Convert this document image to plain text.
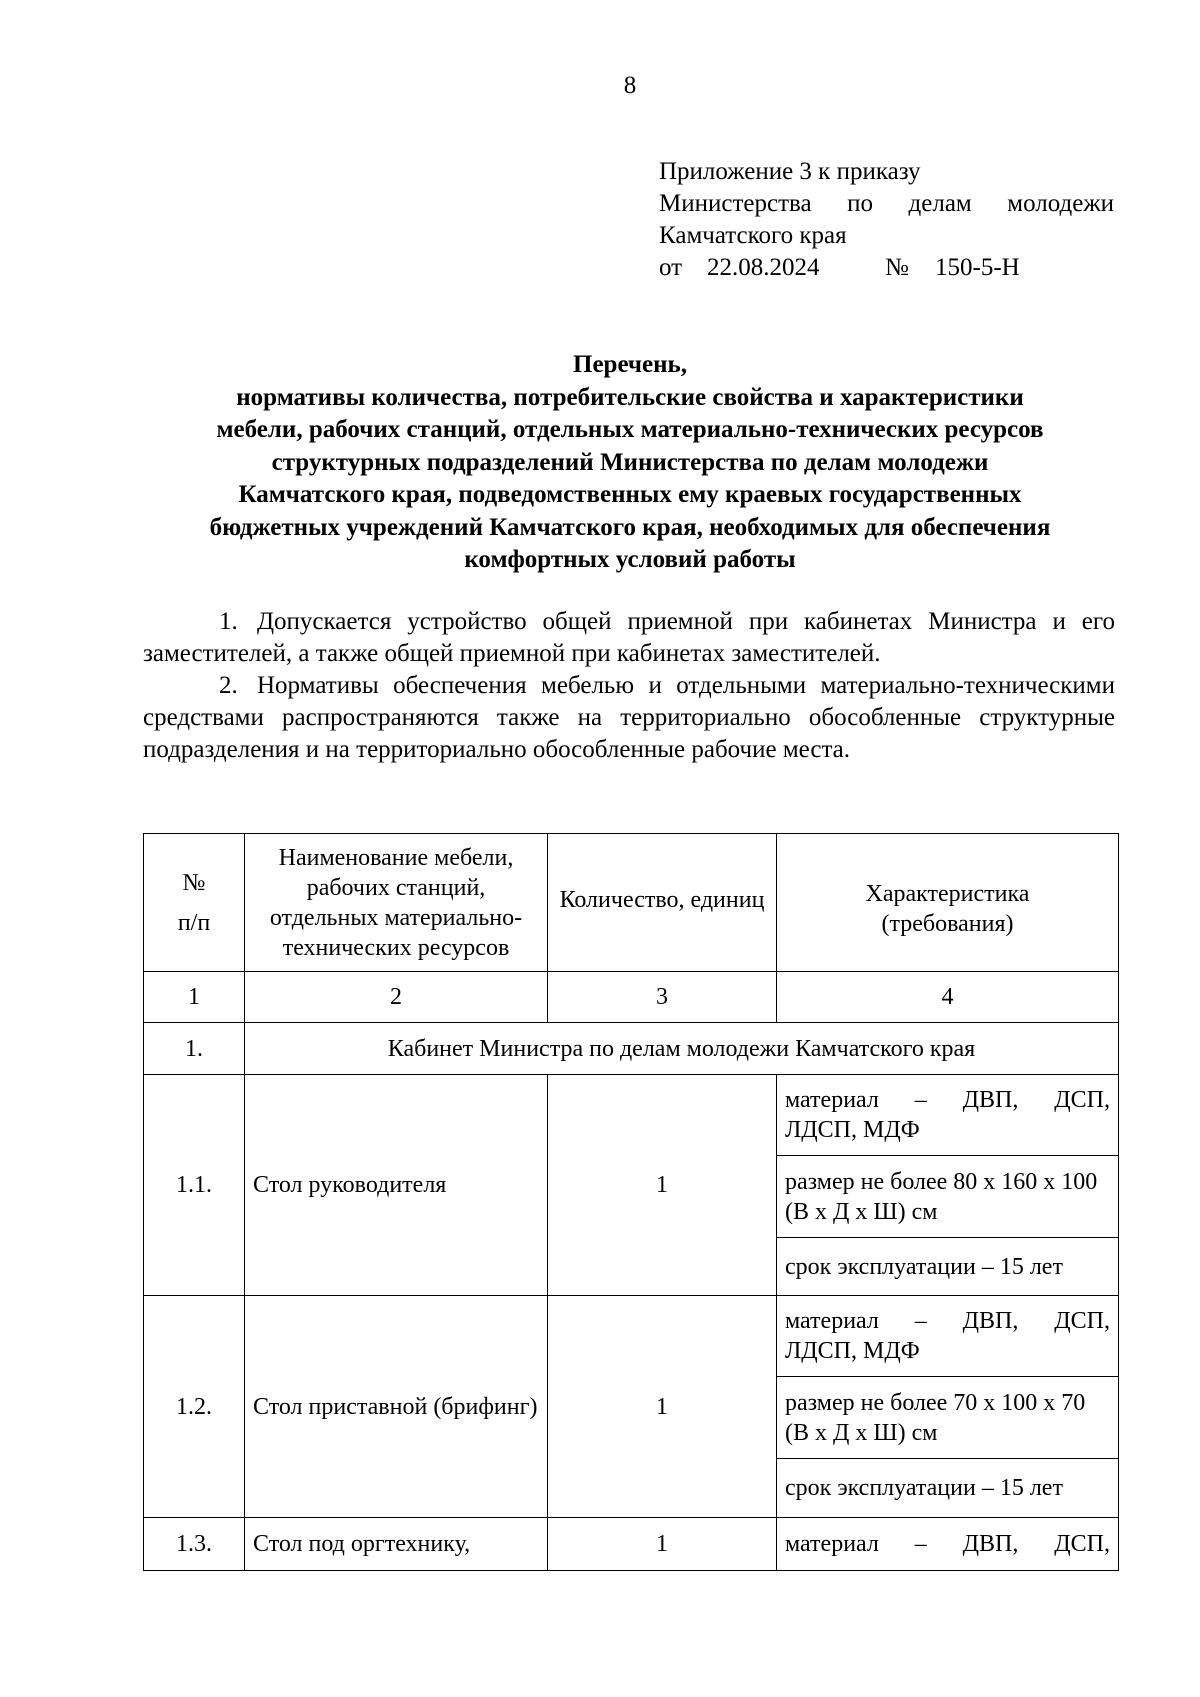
8
Приложение 3 к приказу
Министерства по делам молодежи
Камчатского края
от 22.08.2024	№ 150-5-Н
Перечень,
нормативы количества, потребительские свойства и характеристики
мебели, рабочих станций, отдельных материально-технических ресурсов
структурных подразделений Министерства по делам молодежи
Камчатского края, подведомственных ему краевых государственных
бюджетных учреждений Камчатского края, необходимых для обеспечения
комфортных условий работы

1. Допускается устройство общей приемной при кабинетах Министра и его заместителей, а также общей приемной при кабинетах заместителей.

2. Нормативы обеспечения мебелью и отдельными материально-техническими средствами распространяются также на территориально обособленные структурные подразделения и на территориально обособленные рабочие места.

№
п/п	Наименование мебели, рабочих станций, отдельных материально-технических ресурсов	Количество, единиц	Характеристика (требования)
1	2	3	4
1.	Кабинет Министра по делам молодежи Камчатского края		
1.1.	Стол руководителя	1	материал – ДВП, ДСП,
ЛДСП, МДФ

			размер не более 80 х 160 х 100 (В х Д х Ш) см
			срок эксплуатации – 15 лет
1.2.	Стол приставной (брифинг)	1	материал – ДВП, ДСП,
ЛДСП, МДФ

			размер не более 70 х 100 х 70 (В х Д х Ш) см
			срок эксплуатации – 15 лет
1.3.	Стол под оргтехнику,	1	материал – ДВП, ДСП,
